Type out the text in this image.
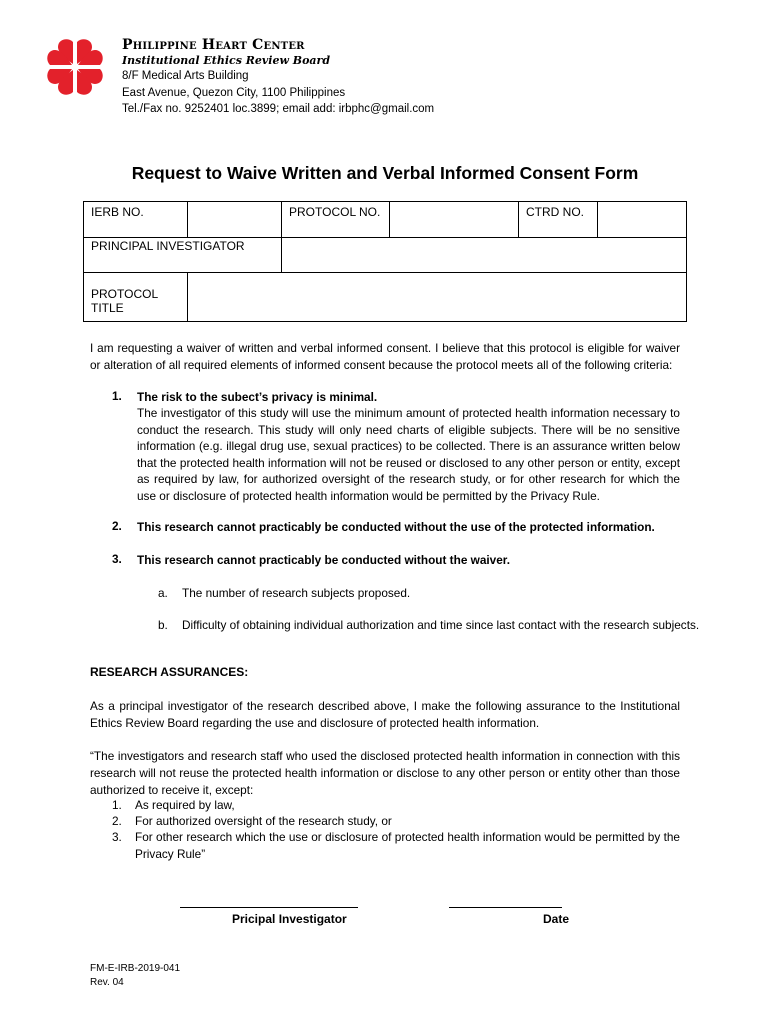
Philippine Heart Center
Institutional Ethics Review Board
8/F Medical Arts Building
East Avenue, Quezon City, 1100 Philippines
Tel./Fax no. 9252401 loc.3899; email add: irbphc@gmail.com
Request to Waive Written and Verbal Informed Consent Form
IERB NO.		PROTOCOL NO.		CTRD NO.	
PRINCIPAL INVESTIGATOR					
PROTOCOL TITLE					
I am requesting a waiver of written and verbal informed consent. I believe that this protocol is eligible for waiver or alteration of all required elements of informed consent because the protocol meets all of the following criteria:
1. The risk to the subect’s privacy is minimal.
The investigator of this study will use the minimum amount of protected health information necessary to conduct the research. This study will only need charts of eligible subjects. There will be no sensitive information (e.g. illegal drug use, sexual practices) to be collected. There is an assurance written below that the protected health information will not be reused or disclosed to any other person or entity, except as required by law, for authorized oversight of the research study, or for other research for which the use or disclosure of protected health information would be permitted by the Privacy Rule.
2. This research cannot practicably be conducted without the use of the protected information.
3. This research cannot practicably be conducted without the waiver.
a. The number of research subjects proposed.
b. Difficulty of obtaining individual authorization and time since last contact with the research subjects.
RESEARCH ASSURANCES:
As a principal investigator of the research described above, I make the following assurance to the Institutional Ethics Review Board regarding the use and disclosure of protected health information.
“The investigators and research staff who used the disclosed protected health information in connection with this research will not reuse the protected health information or disclose to any other person or entity other than those authorized to receive it, except:
1. As required by law,
2. For authorized oversight of the research study, or
3. For other research which the use or disclosure of protected health information would be permitted by the Privacy Rule”
Pricipal Investigator	Date
FM-E-IRB-2019-041
Rev. 04
